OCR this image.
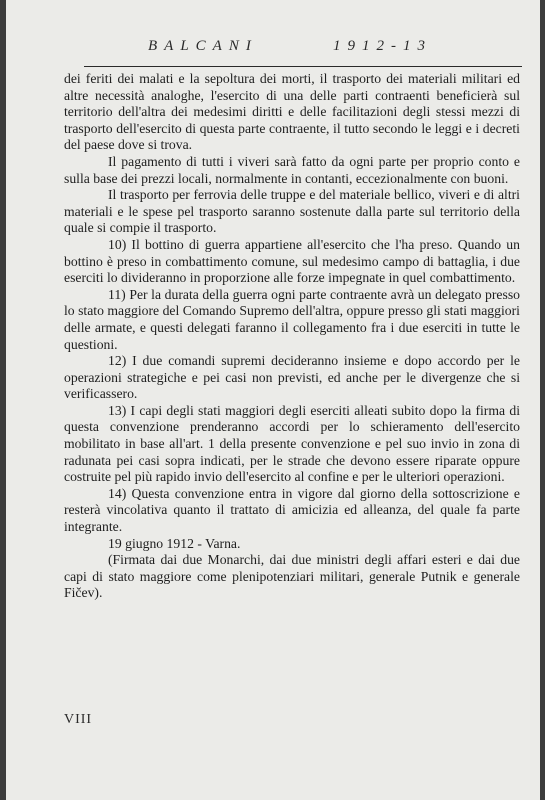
BALCANI	1912-13

dei feriti dei malati e la sepoltura dei morti, il trasporto dei materiali militari ed altre necessità analoghe, l'esercito di una delle parti contraenti beneficierà sul territorio dell'altra dei medesimi diritti e delle facilitazioni degli stessi mezzi di trasporto dell'esercito di questa parte contraente, il tutto secondo le leggi e i decreti del paese dove si trova.

Il pagamento di tutti i viveri sarà fatto da ogni parte per proprio conto e sulla base dei prezzi locali, normalmente in contanti, eccezionalmente con buoni.

Il trasporto per ferrovia delle truppe e del materiale bellico, viveri e di altri materiali e le spese pel trasporto saranno sostenute dalla parte sul territorio della quale si compie il trasporto.

10) Il bottino di guerra appartiene all'esercito che l'ha preso. Quando un bottino è preso in combattimento comune, sul medesimo campo di battaglia, i due eserciti lo divideranno in proporzione alle forze impegnate in quel combattimento.

11) Per la durata della guerra ogni parte contraente avrà un delegato presso lo stato maggiore del Comando Supremo dell'altra, oppure presso gli stati maggiori delle armate, e questi delegati faranno il collegamento fra i due eserciti in tutte le questioni.

12) I due comandi supremi decideranno insieme e dopo accordo per le operazioni strategiche e pei casi non previsti, ed anche per le divergenze che si verificassero.

13) I capi degli stati maggiori degli eserciti alleati subito dopo la firma di questa convenzione prenderanno accordi per lo schieramento dell'esercito mobilitato in base all'art. 1 della presente convenzione e pel suo invio in zona di radunata pei casi sopra indicati, per le strade che devono essere riparate oppure costruite pel più rapido invio dell'esercito al confine e per le ulteriori operazioni.

14) Questa convenzione entra in vigore dal giorno della sottoscrizione e resterà vincolativa quanto il trattato di amicizia ed alleanza, del quale fa parte integrante.

19 giugno 1912 - Varna.

(Firmata dai due Monarchi, dai due ministri degli affari esteri e dai due capi di stato maggiore come plenipotenziari militari, generale Putnik e generale Fičev).

VIII
